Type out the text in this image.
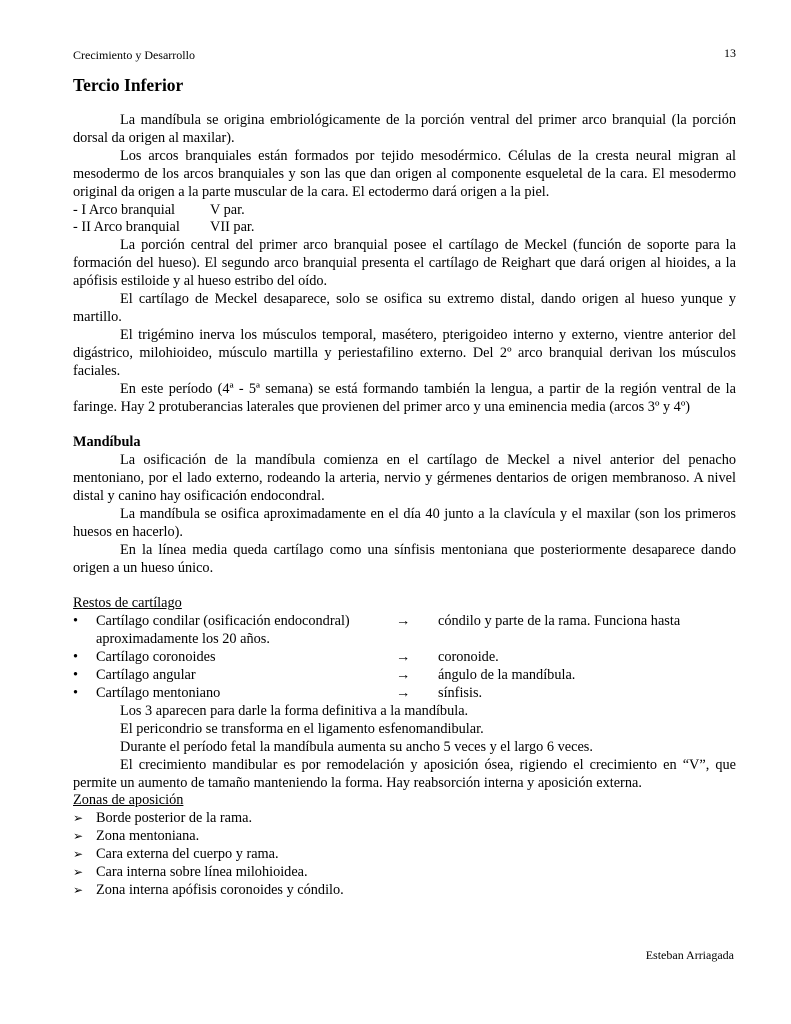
Crecimiento y Desarrollo	13
Tercio Inferior

La mandíbula se origina embriológicamente de la porción ventral del primer arco branquial (la porción dorsal da origen al maxilar).

Los arcos branquiales están formados por tejido mesodérmico. Células de la cresta neural migran al mesodermo de los arcos branquiales y son las que dan origen al componente esqueletal de la cara. El mesodermo original da origen a la parte muscular de la cara. El ectodermo dará origen a la piel.

- I Arco branquial	V par.
- II Arco branquial	VII par.

La porción central del primer arco branquial posee el cartílago de Meckel (función de soporte para la formación del hueso). El segundo arco branquial presenta el cartílago de Reighart que dará origen al hioides, a la apófisis estiloide y al hueso estribo del oído.

El cartílago de Meckel desaparece, solo se osifica su extremo distal, dando origen al hueso yunque y martillo.

El trigémino inerva los músculos temporal, masétero, pterigoideo interno y externo, vientre anterior del digástrico, milohioideo, músculo martilla y periestafilino externo. Del 2º arco branquial derivan los músculos faciales.

En este período (4ª - 5ª semana) se está formando también la lengua, a partir de la región ventral de la faringe. Hay 2 protuberancias laterales que provienen del primer arco y una eminencia media (arcos 3º y 4º)

Mandíbula

La osificación de la mandíbula comienza en el cartílago de Meckel a nivel anterior del penacho mentoniano, por el lado externo, rodeando la arteria, nervio y gérmenes dentarios de origen membranoso. A nivel distal y canino hay osificación endocondral.

La mandíbula se osifica aproximadamente en el día 40 junto a la clavícula y el maxilar (son los primeros huesos en hacerlo).

En la línea media queda cartílago como una sínfisis mentoniana que posteriormente desaparece dando origen a un hueso único.

Restos de cartílago

•	Cartílago condilar (osificación endocondral)	→	cóndilo y parte de la rama. Funciona hasta
aproximadamente los 20 años.
•	Cartílago coronoides	→	coronoide.
•	Cartílago angular	→	ángulo de la mandíbula.
•	Cartílago mentoniano	→	sínfisis.

Los 3 aparecen para darle la forma definitiva a la mandíbula.

El pericondrio se transforma en el ligamento esfenomandibular.

Durante el período fetal la mandíbula aumenta su ancho 5 veces y el largo 6 veces.

El crecimiento mandibular es por remodelación y aposición ósea, rigiendo el crecimiento en “V”, que permite un aumento de tamaño manteniendo la forma. Hay reabsorción interna y aposición externa.

Zonas de aposición

➢ Borde posterior de la rama.
➢ Zona mentoniana.
➢ Cara externa del cuerpo y rama.
➢ Cara interna sobre línea milohioidea.
➢ Zona interna apófisis coronoides y cóndilo.
Esteban Arriagada
